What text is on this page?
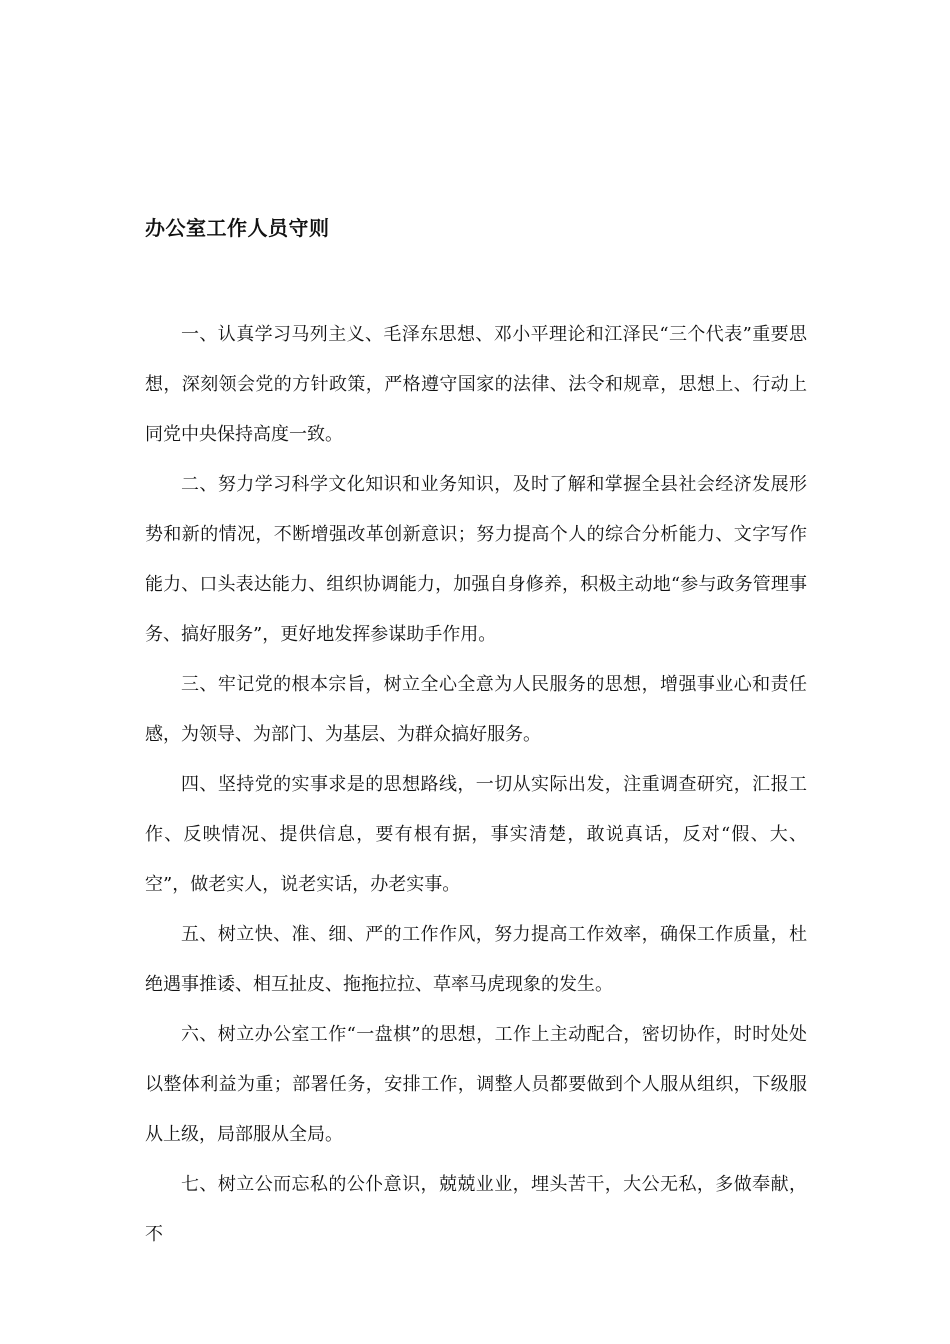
办公室工作人员守则

一、认真学习马列主义、毛泽东思想、邓小平理论和江泽民“三个代表”重要思想，深刻领会党的方针政策，严格遵守国家的法律、法令和规章，思想上、行动上同党中央保持高度一致。

二、努力学习科学文化知识和业务知识，及时了解和掌握全县社会经济发展形势和新的情况，不断增强改革创新意识；努力提高个人的综合分析能力、文字写作能力、口头表达能力、组织协调能力，加强自身修养，积极主动地“参与政务管理事务、搞好服务”，更好地发挥参谋助手作用。

三、牢记党的根本宗旨，树立全心全意为人民服务的思想，增强事业心和责任感，为领导、为部门、为基层、为群众搞好服务。

四、坚持党的实事求是的思想路线，一切从实际出发，注重调查研究，汇报工作、反映情况、提供信息，要有根有据，事实清楚，敢说真话，反对“假、大、空”，做老实人，说老实话，办老实事。

五、树立快、准、细、严的工作作风，努力提高工作效率，确保工作质量，杜绝遇事推诿、相互扯皮、拖拖拉拉、草率马虎现象的发生。

六、树立办公室工作“一盘棋”的思想，工作上主动配合，密切协作，时时处处以整体利益为重；部署任务，安排工作，调整人员都要做到个人服从组织，下级服从上级，局部服从全局。

七、树立公而忘私的公仆意识，兢兢业业，埋头苦干，大公无私，多做奉献，不
